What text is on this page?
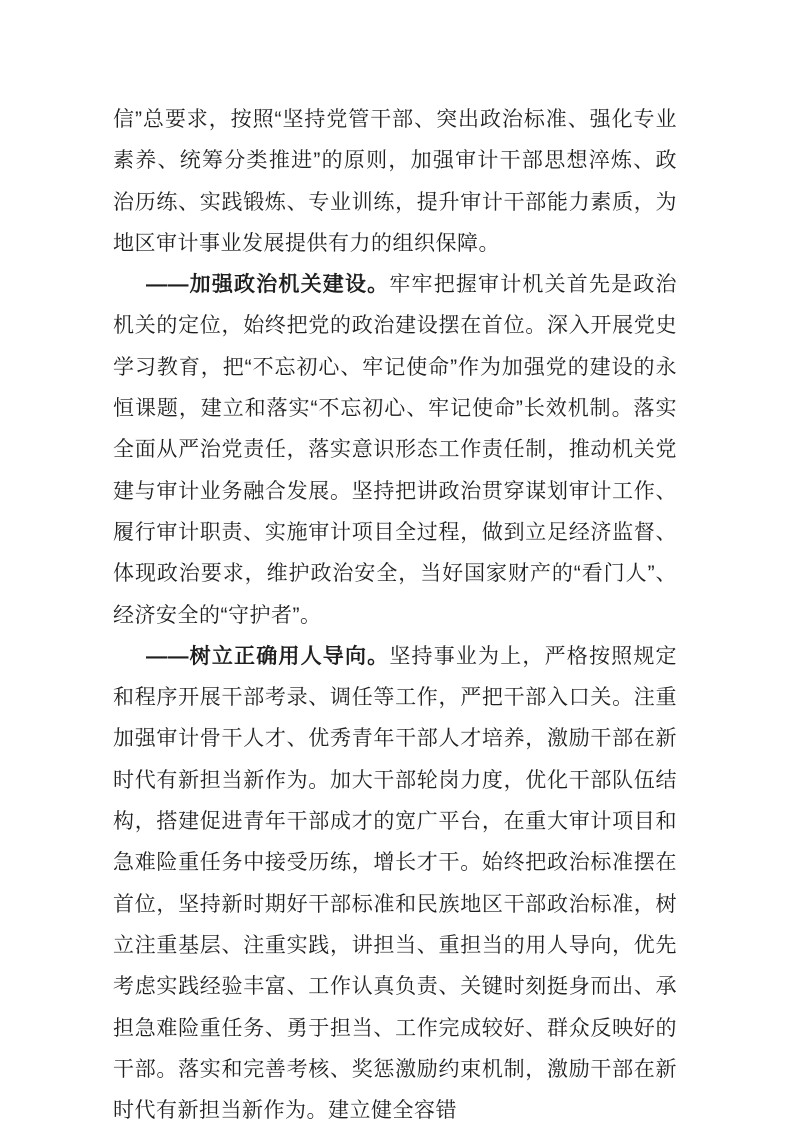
信”总要求，按照“坚持党管干部、突出政治标准、强化专业素养、统筹分类推进”的原则，加强审计干部思想淬炼、政治历练、实践锻炼、专业训练，提升审计干部能力素质，为地区审计事业发展提供有力的组织保障。

——加强政治机关建设。牢牢把握审计机关首先是政治机关的定位，始终把党的政治建设摆在首位。深入开展党史学习教育，把“不忘初心、牢记使命”作为加强党的建设的永恒课题，建立和落实“不忘初心、牢记使命”长效机制。落实全面从严治党责任，落实意识形态工作责任制，推动机关党建与审计业务融合发展。坚持把讲政治贯穿谋划审计工作、履行审计职责、实施审计项目全过程，做到立足经济监督、体现政治要求，维护政治安全，当好国家财产的“看门人”、经济安全的“守护者”。

——树立正确用人导向。坚持事业为上，严格按照规定和程序开展干部考录、调任等工作，严把干部入口关。注重加强审计骨干人才、优秀青年干部人才培养，激励干部在新时代有新担当新作为。加大干部轮岗力度，优化干部队伍结构，搭建促进青年干部成才的宽广平台，在重大审计项目和急难险重任务中接受历练，增长才干。始终把政治标准摆在首位，坚持新时期好干部标准和民族地区干部政治标准，树立注重基层、注重实践，讲担当、重担当的用人导向，优先考虑实践经验丰富、工作认真负责、关键时刻挺身而出、承担急难险重任务、勇于担当、工作完成较好、群众反映好的干部。落实和完善考核、奖惩激励约束机制，激励干部在新时代有新担当新作为。建立健全容错
